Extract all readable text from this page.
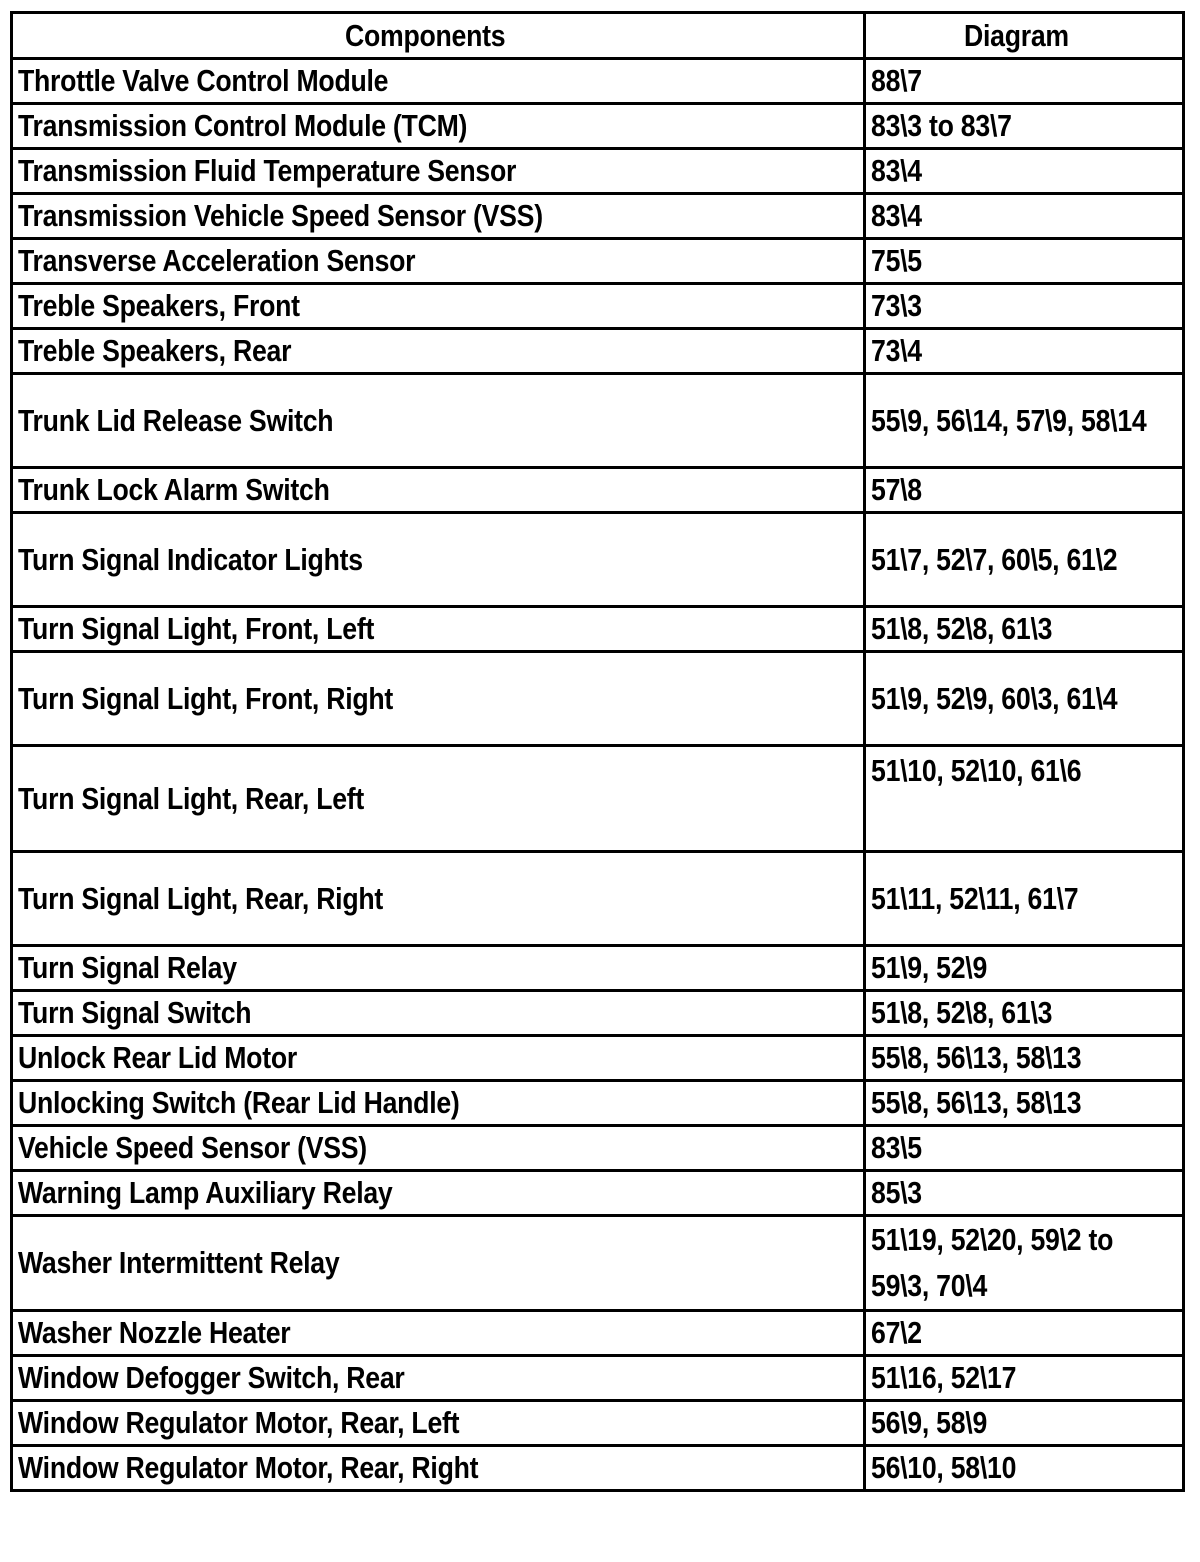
Components	Diagram
Throttle Valve Control Module	88\7
Transmission Control Module (TCM)	83\3 to 83\7
Transmission Fluid Temperature Sensor	83\4
Transmission Vehicle Speed Sensor (VSS)	83\4
Transverse Acceleration Sensor	75\5
Treble Speakers, Front	73\3
Treble Speakers, Rear	73\4
Trunk Lid Release Switch	55\9, 56\14, 57\9, 58\14
Trunk Lock Alarm Switch	57\8
Turn Signal Indicator Lights	51\7, 52\7, 60\5, 61\2
Turn Signal Light, Front, Left	51\8, 52\8, 61\3
Turn Signal Light, Front, Right	51\9, 52\9, 60\3, 61\4
Turn Signal Light, Rear, Left	51\10, 52\10, 61\6
Turn Signal Light, Rear, Right	51\11, 52\11, 61\7
Turn Signal Relay	51\9, 52\9
Turn Signal Switch	51\8, 52\8, 61\3
Unlock Rear Lid Motor	55\8, 56\13, 58\13
Unlocking Switch (Rear Lid Handle)	55\8, 56\13, 58\13
Vehicle Speed Sensor (VSS)	83\5
Warning Lamp Auxiliary Relay	85\3
Washer Intermittent Relay	51\19, 52\20, 59\2 to 59\3, 70\4
Washer Nozzle Heater	67\2
Window Defogger Switch, Rear	51\16, 52\17
Window Regulator Motor, Rear, Left	56\9, 58\9
Window Regulator Motor, Rear, Right	56\10, 58\10
